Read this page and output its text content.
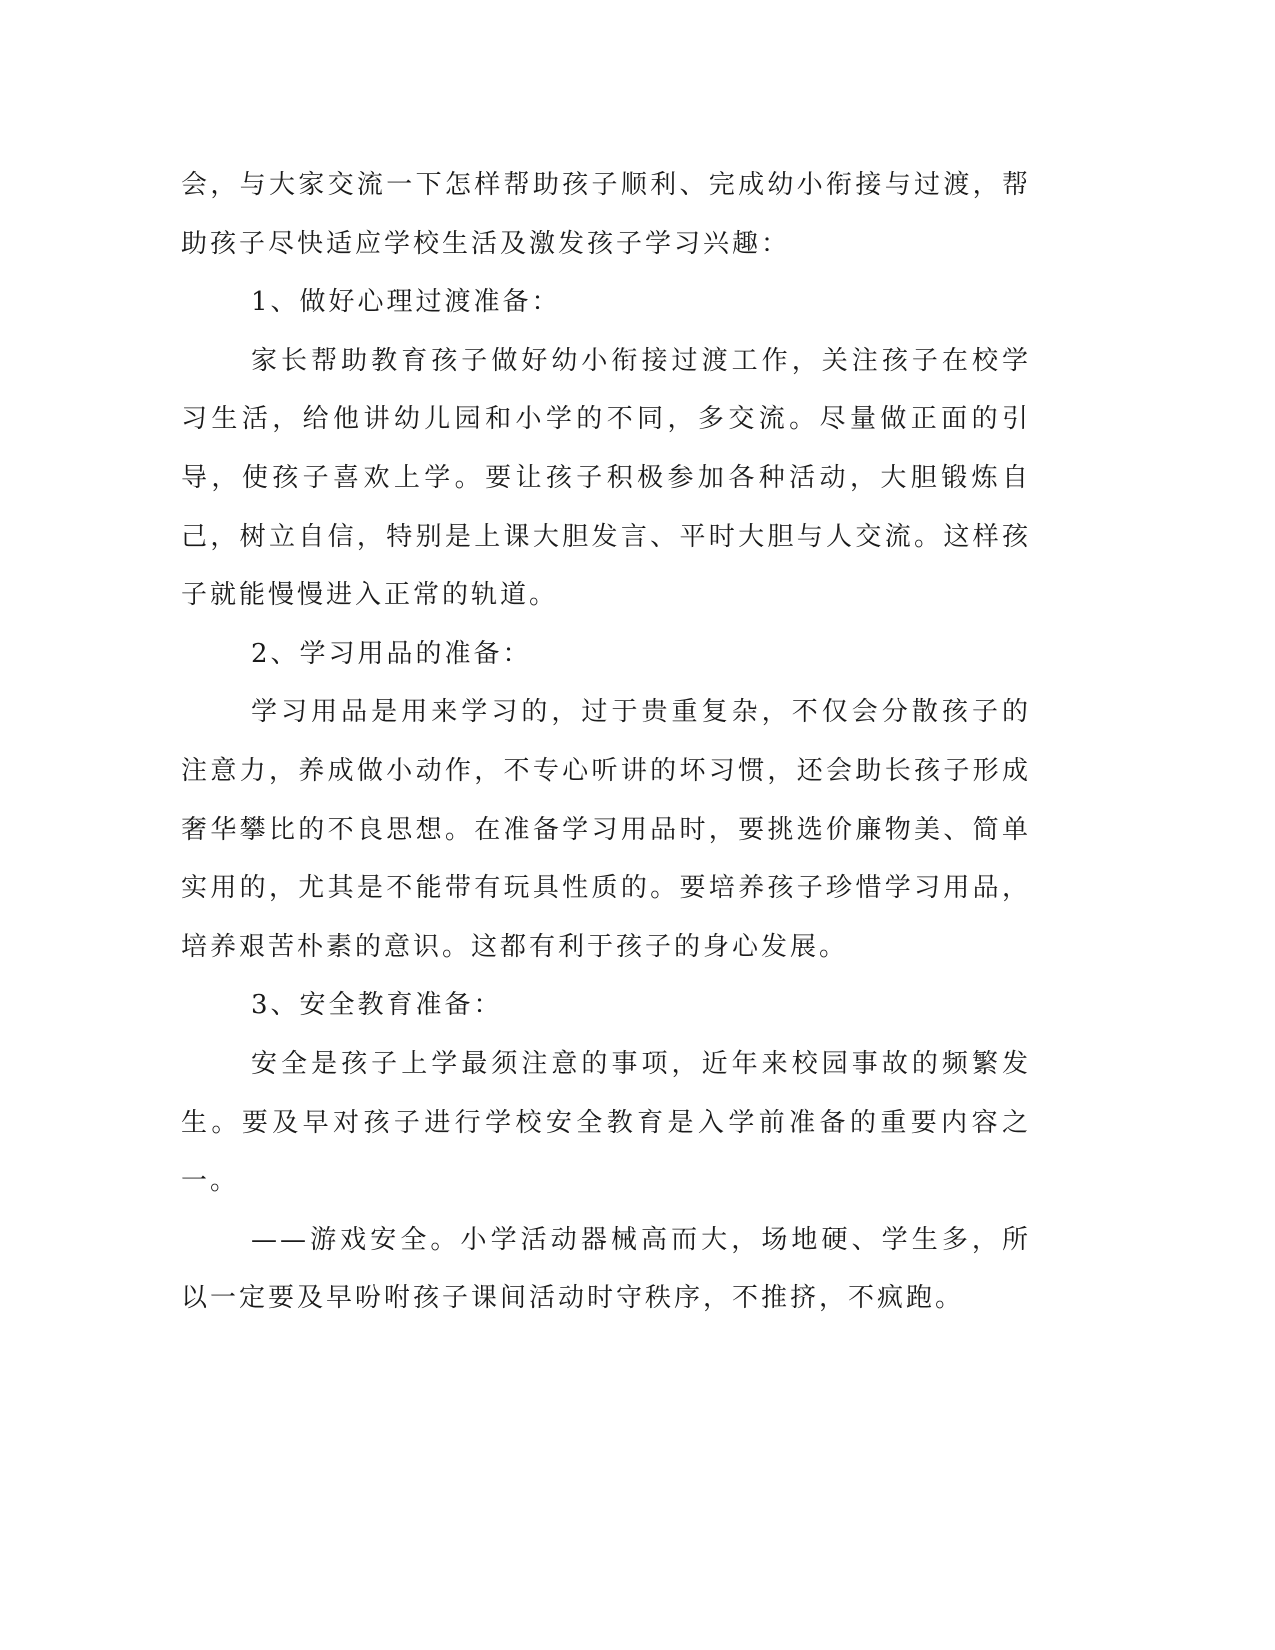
会，与大家交流一下怎样帮助孩子顺利、完成幼小衔接与过渡，帮助孩子尽快适应学校生活及激发孩子学习兴趣：

1、做好心理过渡准备：

家长帮助教育孩子做好幼小衔接过渡工作，关注孩子在校学习生活，给他讲幼儿园和小学的不同，多交流。尽量做正面的引导，使孩子喜欢上学。要让孩子积极参加各种活动，大胆锻炼自己，树立自信，特别是上课大胆发言、平时大胆与人交流。这样孩子就能慢慢进入正常的轨道。

2、学习用品的准备：

学习用品是用来学习的，过于贵重复杂，不仅会分散孩子的注意力，养成做小动作，不专心听讲的坏习惯，还会助长孩子形成奢华攀比的不良思想。在准备学习用品时，要挑选价廉物美、简单实用的，尤其是不能带有玩具性质的。要培养孩子珍惜学习用品，培养艰苦朴素的意识。这都有利于孩子的身心发展。

3、安全教育准备：

安全是孩子上学最须注意的事项，近年来校园事故的频繁发生。要及早对孩子进行学校安全教育是入学前准备的重要内容之一。

——游戏安全。小学活动器械高而大，场地硬、学生多，所以一定要及早吩咐孩子课间活动时守秩序，不推挤，不疯跑。
